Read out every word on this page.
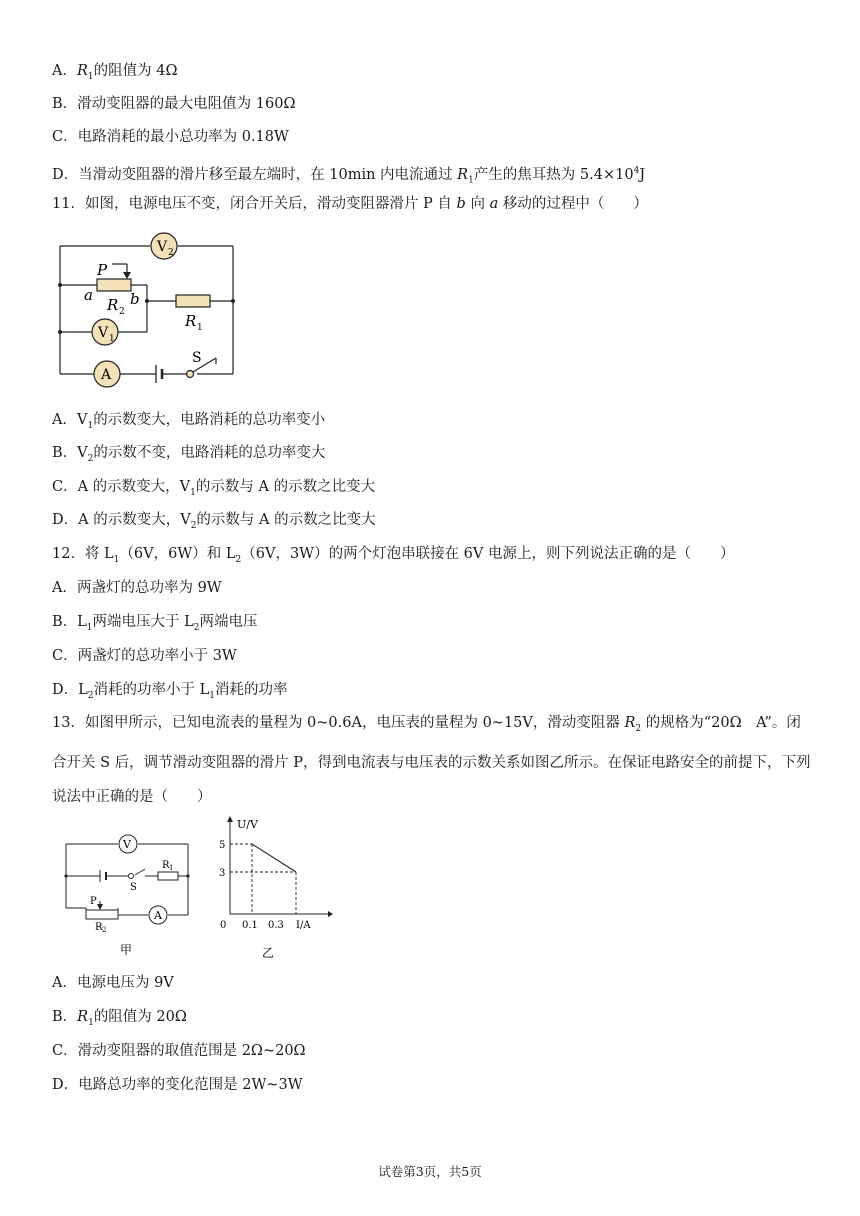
A．$R_1$的阻值为 4Ω
B．滑动变阻器的最大电阻值为 160Ω
C．电路消耗的最小总功率为 0.18W
D．当滑动变阻器的滑片移至最左端时，在 10min 内电流通过 $R_1$产生的焦耳热为 $5.4\times 10^4J$
11．如图，电源电压不变，闭合开关后，滑动变阻器滑片 P 自 b 向 a 移动的过程中（　　）
V 2
V 1
A
P
a b
R 2	R 1
S
A．$V_1$的示数变大，电路消耗的总功率变小
B．$V_2$的示数不变，电路消耗的总功率变大
C．A 的示数变大，$V_1$的示数与 A 的示数之比变大
D．A 的示数变大，$V_2$的示数与 A 的示数之比变大
12．将 $L_1(6V$，6W）和 $L_2(6V$，3W）的两个灯泡串联接在 6V 电源上，则下列说法正确的是（　　）
A．两盏灯的总功率为 9W
B．$L_1$两端电压大于 $L_2$两端电压
C．两盏灯的总功率小于 3W
D．$L_2$消耗的功率小于 $L_1$消耗的功率
13．如图甲所示，已知电流表的量程为 0~0.6A，电压表的量程为 0~15V，滑动变阻器 $R_2$ 的规格为“20Ω　A”。闭合开关 S 后，调节滑动变阻器的滑片 P，得到电流表与电压表的示数关系如图乙所示。在保证电路安全的前提下，下列说法中正确的是（　　）
V
A
R 1
S
P
R 2
甲
U/V
I/A
0
5
3
0.1 0.3
乙
A．电源电压为 9V
B．$R_1$的阻值为 20Ω
C．滑动变阻器的取值范围是 2Ω~20Ω
D．电路总功率的变化范围是 2W~3W
试卷第3页，共5页
